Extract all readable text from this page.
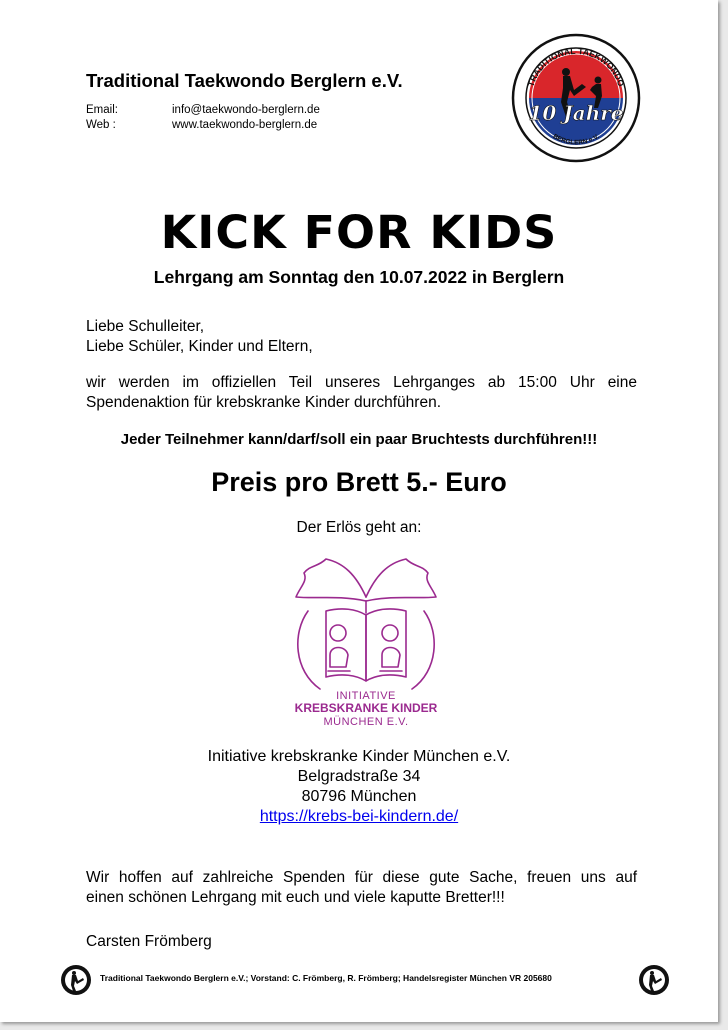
Traditional Taekwondo Berglern e.V.
Email:	info@taekwondo-berglern.de
Web :	www.taekwondo-berglern.de	10 Jahre
TRADITIONAL TAEKWONDO
BERGLERN e.V.
KICK FOR KIDS
Lehrgang am Sonntag den 10.07.2022 in Berglern
Liebe Schulleiter,
Liebe Schüler, Kinder und Eltern,
wir werden im offiziellen Teil unseres Lehrganges ab 15:00 Uhr eine
Spendenaktion für krebskranke Kinder durchführen.
Jeder Teilnehmer kann/darf/soll ein paar Bruchtests durchführen!!!
Preis pro Brett 5.- Euro
Der Erlös geht an:
INITIATIVE
KREBSKRANKE KINDER
MÜNCHEN E.V.
Initiative krebskranke Kinder München e.V.
Belgradstraße 34
80796 München
https://krebs-bei-kindern.de/
Wir hoffen auf zahlreiche Spenden für diese gute Sache, freuen uns auf
einen schönen Lehrgang mit euch und viele kaputte Bretter!!!
Carsten Frömberg
Traditional Taekwondo Berglern e.V.; Vorstand: C. Frömberg, R. Frömberg; Handelsregister München VR 205680
